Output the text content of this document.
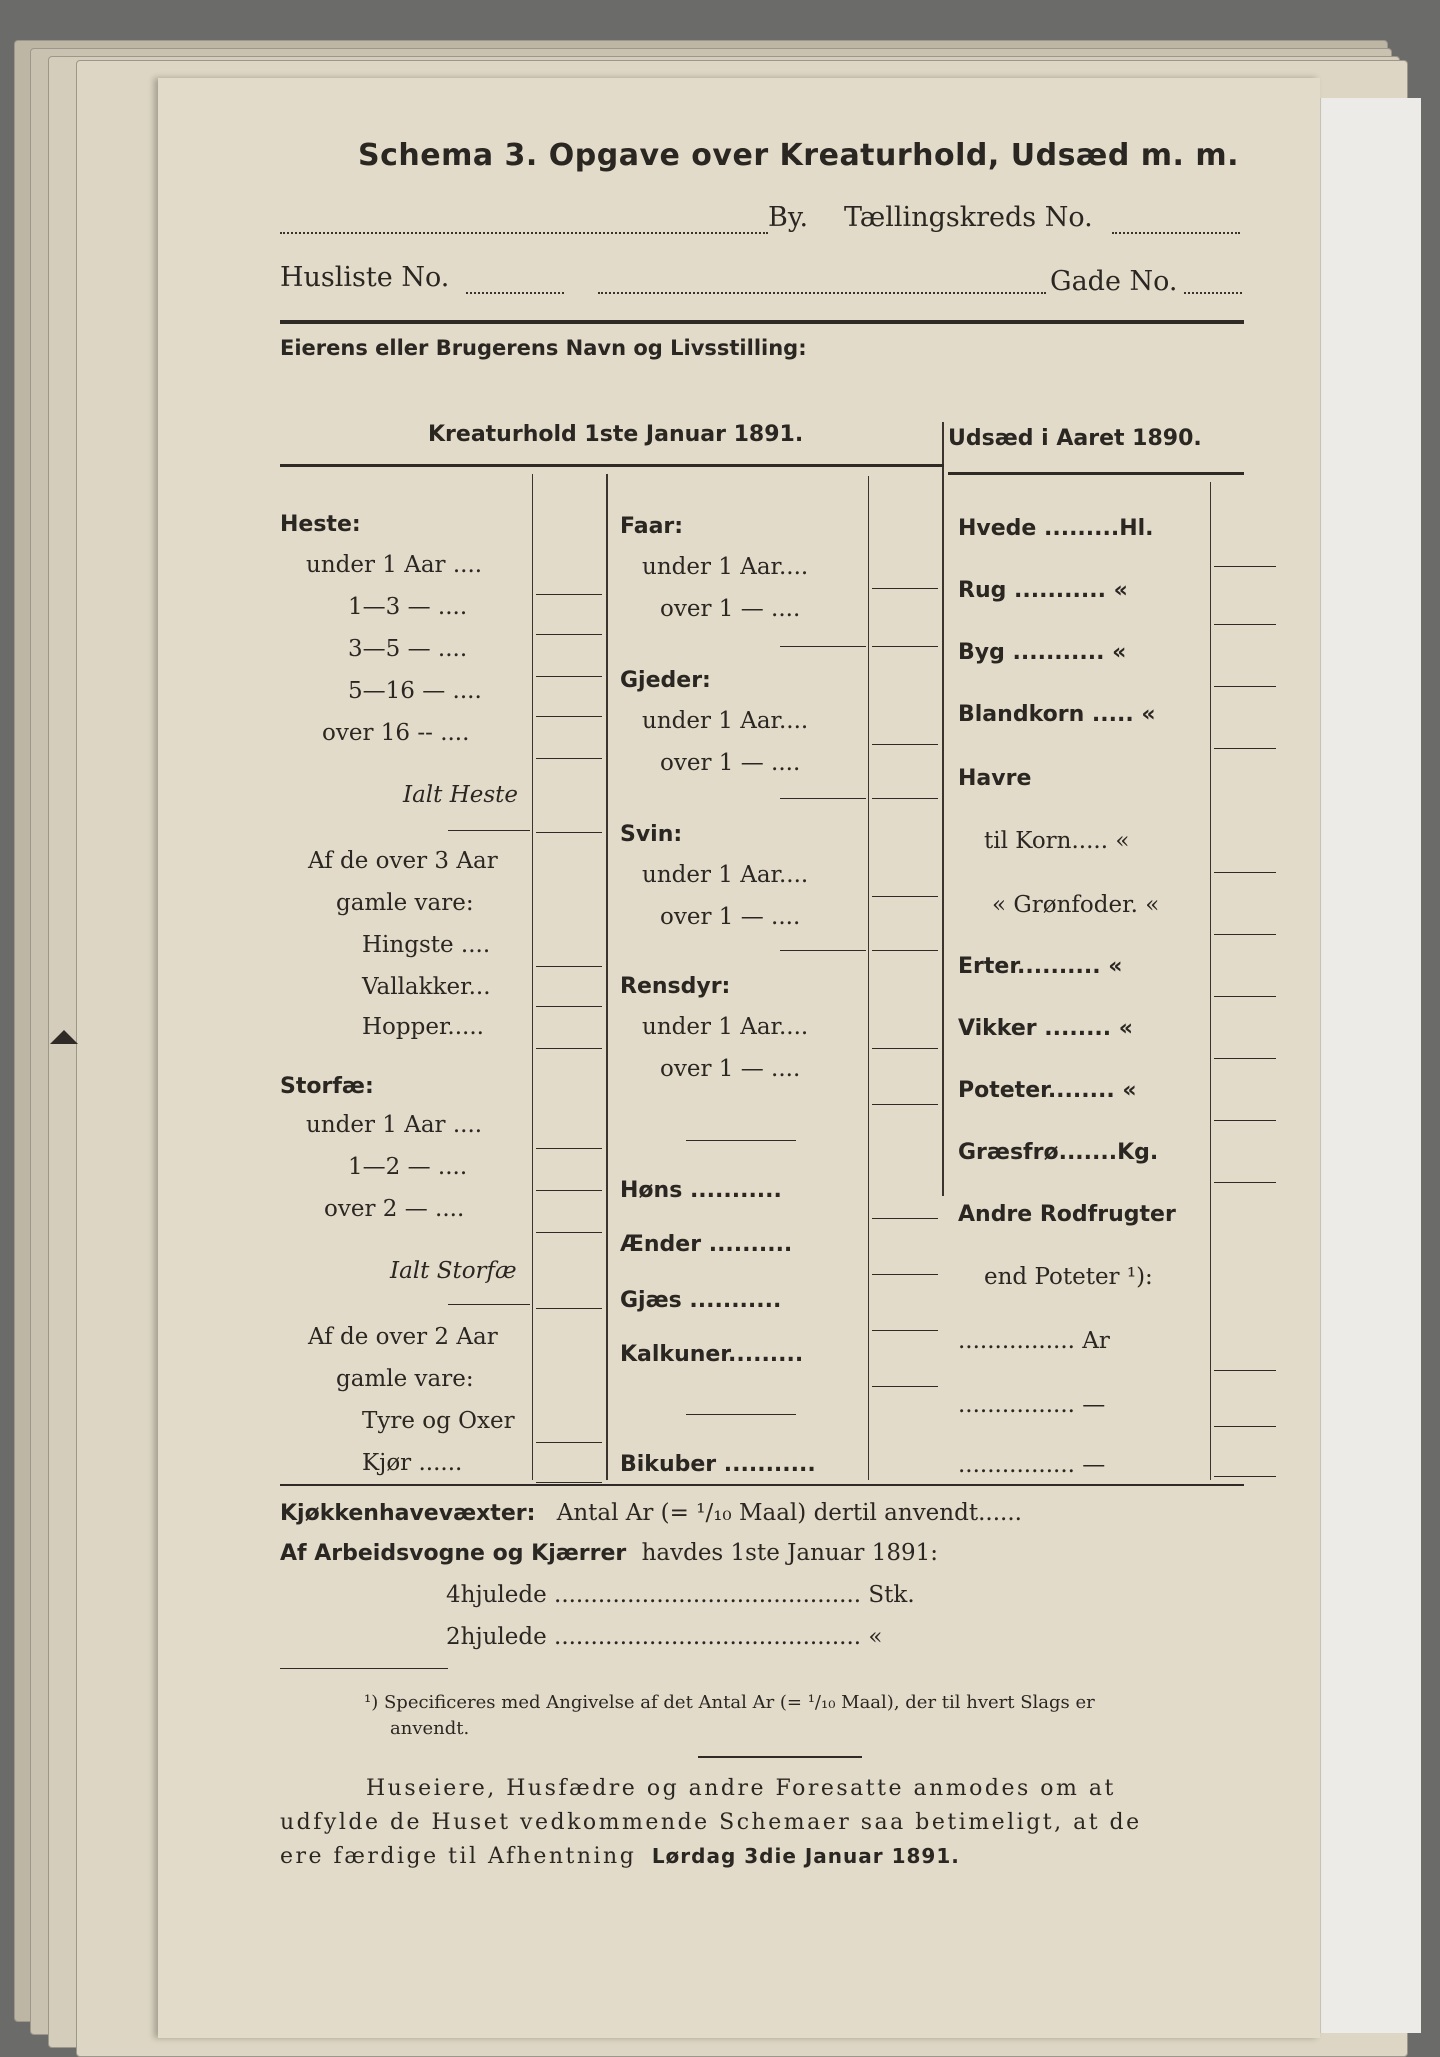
Schema 3. Opgave over Kreaturhold, Udsæd m. m.
By. Tællingskreds No.
Husliste No.	Gade No.
Eierens eller Brugerens Navn og Livsstilling:
Kreaturhold 1ste Januar 1891.	Udsæd i Aaret 1890.
Heste:
under 1 Aar ....
1—3 — ....
3—5 — ....
5—16 — ....
over 16 -- ....
Ialt Heste
Af de over 3 Aar
gamle vare:
Hingste ....
Vallakker...
Hopper.....
Storfæ:
under 1 Aar ....
1—2 — ....
over 2 — ....
Ialt Storfæ
Af de over 2 Aar
gamle vare:
Tyre og Oxer
Kjør ......
Faar:
under 1 Aar....
over 1 — ....
Gjeder:
under 1 Aar....
over 1 — ....
Svin:
under 1 Aar....
over 1 — ....
Rensdyr:
under 1 Aar....
over 1 — ....
Høns ...........
Ænder ..........
Gjæs ...........
Kalkuner.........
Bikuber ...........
Hvede .........Hl.
Rug ........... «
Byg ........... «
Blandkorn ..... «
Havre
til Korn..... «
« Grønfoder. «
Erter.......... «
Vikker ........ «
Poteter........ «
Græsfrø.......Kg.
Andre Rodfrugter
end Poteter ¹):
................ Ar
................ —
................ —
Kjøkkenhavevæxter: Antal Ar (= ¹/₁₀ Maal) dertil anvendt......
Af Arbeidsvogne og Kjærrer havdes 1ste Januar 1891:
4hjulede .......................................... Stk.
2hjulede .......................................... «
¹) Specificeres med Angivelse af det Antal Ar (= ¹/₁₀ Maal), der til hvert Slags er
anvendt.
Huseiere, Husfædre og andre Foresatte anmodes om at
udfylde de Huset vedkommende Schemaer saa betimeligt, at de
ere færdige til Afhentning Lørdag 3die Januar 1891.
